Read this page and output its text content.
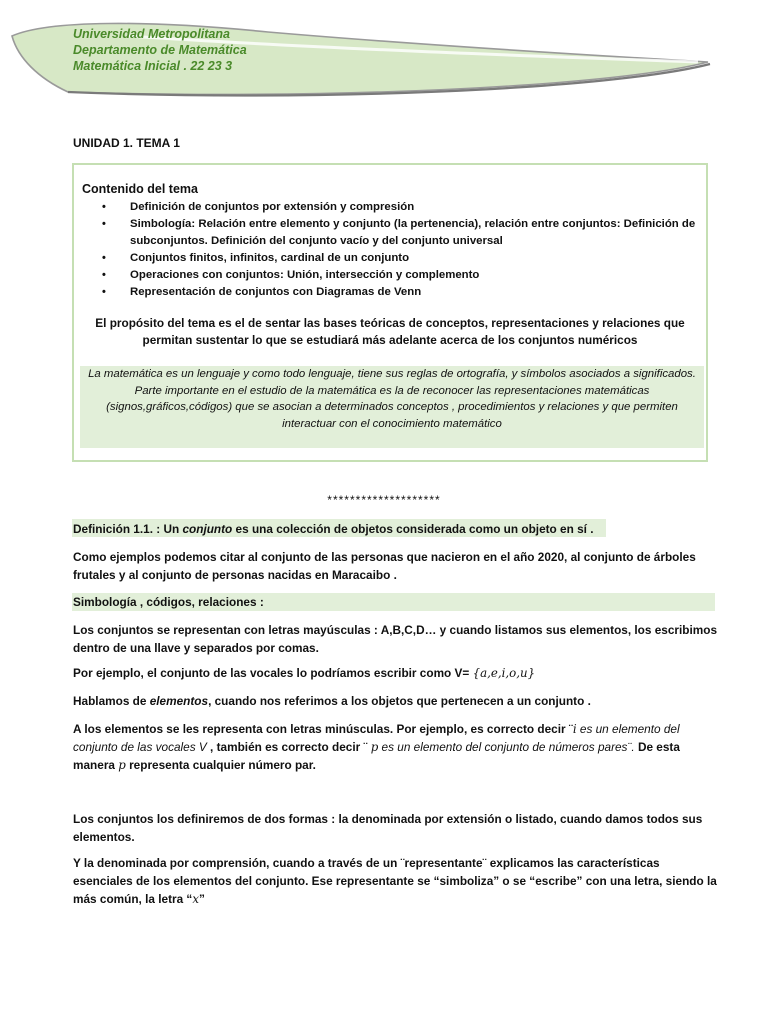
Universidad Metropolitana
Departamento de Matemática
Matemática Inicial . 22 23 3
UNIDAD 1. TEMA 1
Contenido del tema
• Definición de conjuntos por extensión y compresión
• Simbología: Relación entre elemento y conjunto (la pertenencia), relación entre conjuntos: Definición de subconjuntos. Definición del conjunto vacío y del conjunto universal
• Conjuntos finitos, infinitos, cardinal de un conjunto
• Operaciones con conjuntos: Unión, intersección y complemento
• Representación de conjuntos con Diagramas de Venn
El propósito del tema es el de sentar las bases teóricas de conceptos, representaciones y relaciones que permitan sustentar lo que se estudiará más adelante acerca de los conjuntos numéricos
La matemática es un lenguaje y como todo lenguaje, tiene sus reglas de ortografía, y símbolos asociados a significados.
Parte importante en el estudio de la matemática es la de reconocer las representaciones matemáticas (signos,gráficos,códigos) que se asocian a determinados conceptos , procedimientos y relaciones y que permiten interactuar con el conocimiento matemático
********************
Definición 1.1. : Un conjunto es una colección de objetos considerada como un objeto en sí .
Como ejemplos podemos citar al conjunto de las personas que nacieron en el año 2020, al conjunto de árboles frutales y al conjunto de personas nacidas en Maracaibo .
Simbología , códigos, relaciones :
Los conjuntos se representan con letras mayúsculas : A,B,C,D… y cuando listamos sus elementos, los escribimos dentro de una llave y separados por comas.
Por ejemplo, el conjunto de las vocales lo podríamos escribir como V= {a,e,i,o,u}
Hablamos de elementos, cuando nos referimos a los objetos que pertenecen a un conjunto .
A los elementos se les representa con letras minúsculas. Por ejemplo, es correcto decir ¨i es un elemento del conjunto de las vocales V , también es correcto decir ¨ p es un elemento del conjunto de números pares¨. De esta manera p representa cualquier número par.
Los conjuntos los definiremos de dos formas : la denominada por extensión o listado, cuando damos todos sus elementos.
Y la denominada por comprensión, cuando a través de un ¨representante¨ explicamos las características esenciales de los elementos del conjunto. Ese representante se “simboliza” o se “escribe” con una letra, siendo la más común, la letra “x”
